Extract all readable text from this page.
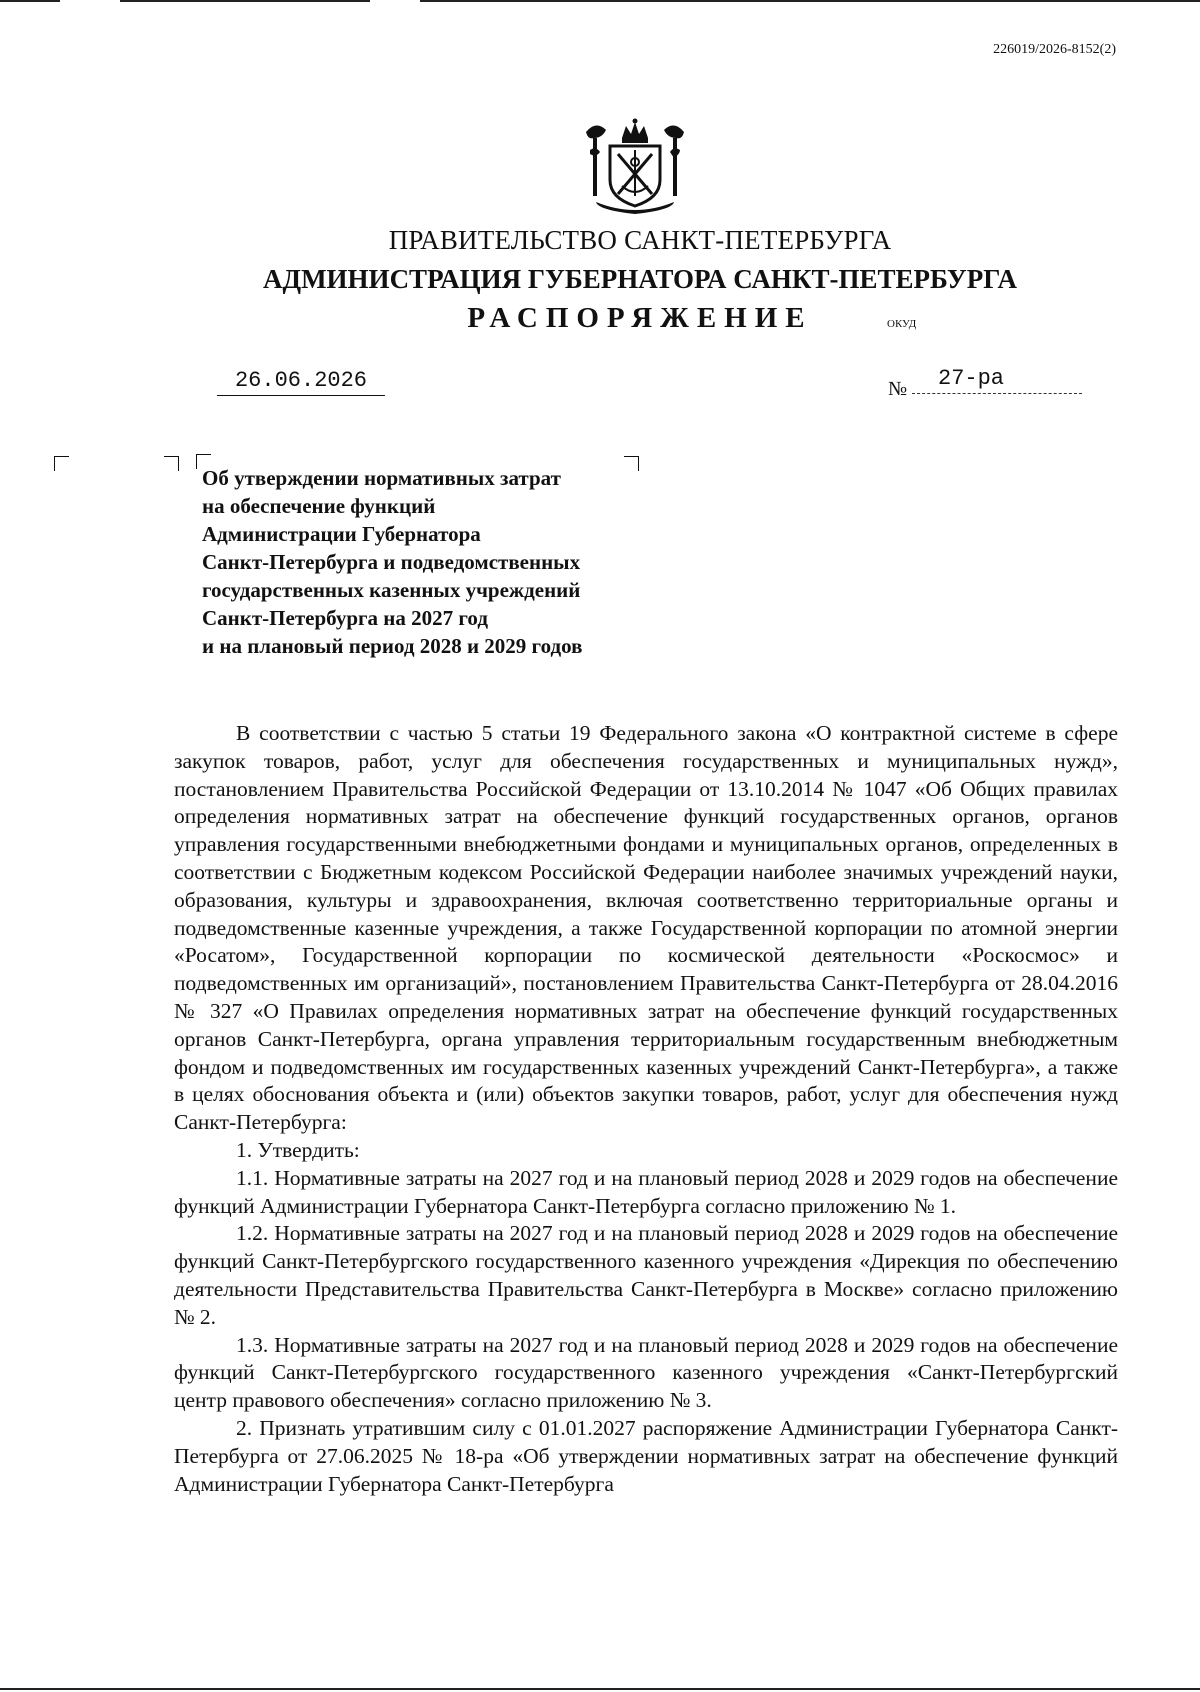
226019/2026-8152(2)
ПРАВИТЕЛЬСТВО САНКТ-ПЕТЕРБУРГА
АДМИНИСТРАЦИЯ ГУБЕРНАТОРА САНКТ-ПЕТЕРБУРГА
РАСПОРЯЖЕНИЕ	ОКУД
26.06.2026	№	27-ра
Об утверждении нормативных затрат
на обеспечение функций
Администрации Губернатора
Санкт-Петербурга и подведомственных
государственных казенных учреждений
Санкт-Петербурга на 2027 год
и на плановый период 2028 и 2029 годов

В соответствии с частью 5 статьи 19 Федерального закона «О контрактной системе в сфере закупок товаров, работ, услуг для обеспечения государственных и муниципальных нужд», постановлением Правительства Российской Федерации от 13.10.2014 № 1047 «Об Общих правилах определения нормативных затрат на обеспечение функций государственных органов, органов управления государственными внебюджетными фондами и муниципальных органов, определенных в соответствии с Бюджетным кодексом Российской Федерации наиболее значимых учреждений науки, образования, культуры и здравоохранения, включая соответственно территориальные органы и подведомственные казенные учреждения, а также Государственной корпорации по атомной энергии «Росатом», Государственной корпорации по космической деятельности «Роскосмос» и подведомственных им организаций», постановлением Правительства Санкт-Петербурга от 28.04.2016 № 327 «О Правилах определения нормативных затрат на обеспечение функций государственных органов Санкт-Петербурга, органа управления территориальным государственным внебюджетным фондом и подведомственных им государственных казенных учреждений Санкт-Петербурга», а также в целях обоснования объекта и (или) объектов закупки товаров, работ, услуг для обеспечения нужд Санкт-Петербурга:

1. Утвердить:

1.1. Нормативные затраты на 2027 год и на плановый период 2028 и 2029 годов на обеспечение функций Администрации Губернатора Санкт-Петербурга согласно приложению № 1.

1.2. Нормативные затраты на 2027 год и на плановый период 2028 и 2029 годов на обеспечение функций Санкт-Петербургского государственного казенного учреждения «Дирекция по обеспечению деятельности Представительства Правительства Санкт-Петербурга в Москве» согласно приложению № 2.

1.3. Нормативные затраты на 2027 год и на плановый период 2028 и 2029 годов на обеспечение функций Санкт-Петербургского государственного казенного учреждения «Санкт-Петербургский центр правового обеспечения» согласно приложению № 3.

2. Признать утратившим силу с 01.01.2027 распоряжение Администрации Губернатора Санкт-Петербурга от 27.06.2025 № 18-ра «Об утверждении нормативных затрат на обеспечение функций Администрации Губернатора Санкт-Петербурга
